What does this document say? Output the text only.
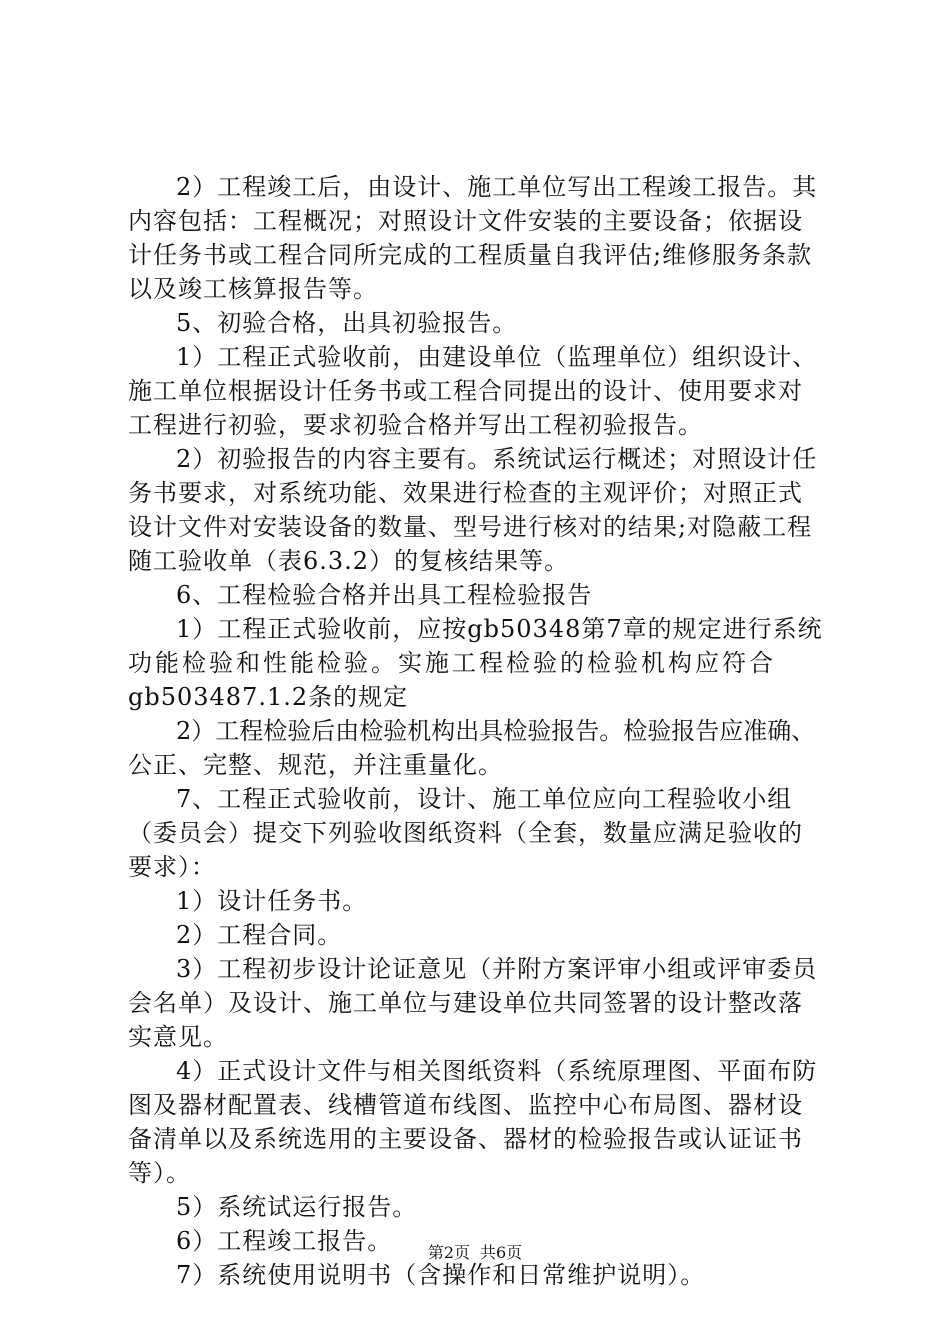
2）工程竣工后，由设计、施工单位写出工程竣工报告。其
内容包括：工程概况；对照设计文件安装的主要设备；依据设
计任务书或工程合同所完成的工程质量自我评估;维修服务条款
以及竣工核算报告等。
5、初验合格，出具初验报告。
1）工程正式验收前，由建设单位（监理单位）组织设计、
施工单位根据设计任务书或工程合同提出的设计、使用要求对
工程进行初验，要求初验合格并写出工程初验报告。
2）初验报告的内容主要有。系统试运行概述；对照设计任
务书要求，对系统功能、效果进行检查的主观评价；对照正式
设计文件对安装设备的数量、型号进行核对的结果;对隐蔽工程
随工验收单（表6.3.2）的复核结果等。
6、工程检验合格并出具工程检验报告
1）工程正式验收前，应按gb50348第7章的规定进行系统
功能检验和性能检验。实施工程检验的检验机构应符合
gb503487.1.2条的规定
2）工程检验后由检验机构出具检验报告。检验报告应准确、
公正、完整、规范，并注重量化。
7、工程正式验收前，设计、施工单位应向工程验收小组
（委员会）提交下列验收图纸资料（全套，数量应满足验收的
要求）：
1）设计任务书。
2）工程合同。
3）工程初步设计论证意见（并附方案评审小组或评审委员
会名单）及设计、施工单位与建设单位共同签署的设计整改落
实意见。
4）正式设计文件与相关图纸资料（系统原理图、平面布防
图及器材配置表、线槽管道布线图、监控中心布局图、器材设
备清单以及系统选用的主要设备、器材的检验报告或认证证书
等）。
5）系统试运行报告。
6）工程竣工报告。
7）系统使用说明书（含操作和日常维护说明）。
第2页 共6页
